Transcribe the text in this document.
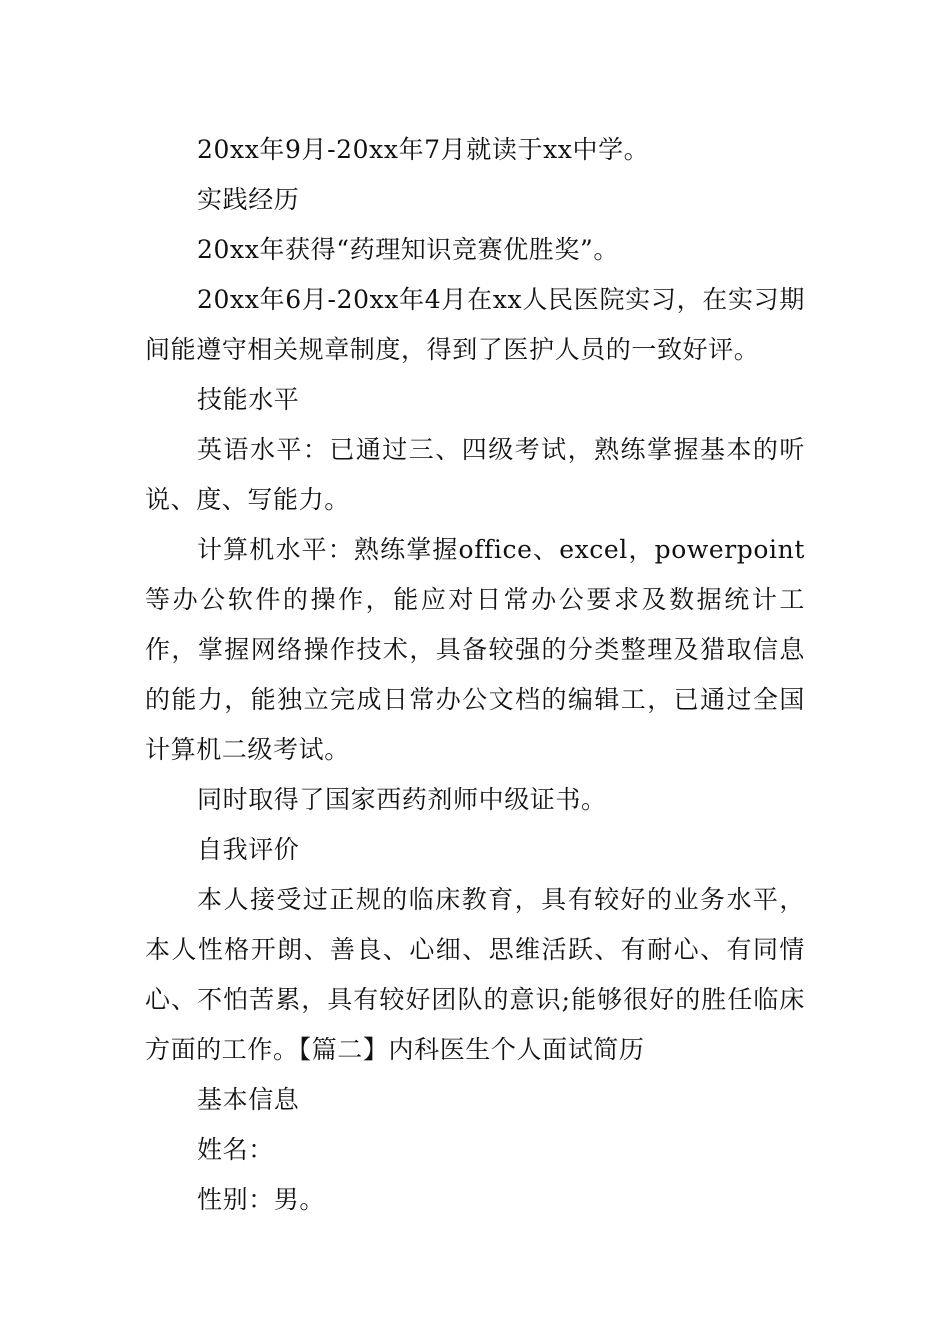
20xx年9月-20xx年7月就读于xx中学。

实践经历

20xx年获得“药理知识竞赛优胜奖”。

20xx年6月-20xx年4月在xx人民医院实习，在实习期间能遵守相关规章制度，得到了医护人员的一致好评。

技能水平

英语水平：已通过三、四级考试，熟练掌握基本的听说、度、写能力。

计算机水平：熟练掌握office、excel，powerpoint等办公软件的操作，能应对日常办公要求及数据统计工作，掌握网络操作技术，具备较强的分类整理及猎取信息的能力，能独立完成日常办公文档的编辑工，已通过全国计算机二级考试。

同时取得了国家西药剂师中级证书。

自我评价

本人接受过正规的临床教育，具有较好的业务水平，本人性格开朗、善良、心细、思维活跃、有耐心、有同情心、不怕苦累，具有较好团队的意识;能够很好的胜任临床方面的工作。【篇二】内科医生个人面试简历

基本信息

姓名：

性别：男。
